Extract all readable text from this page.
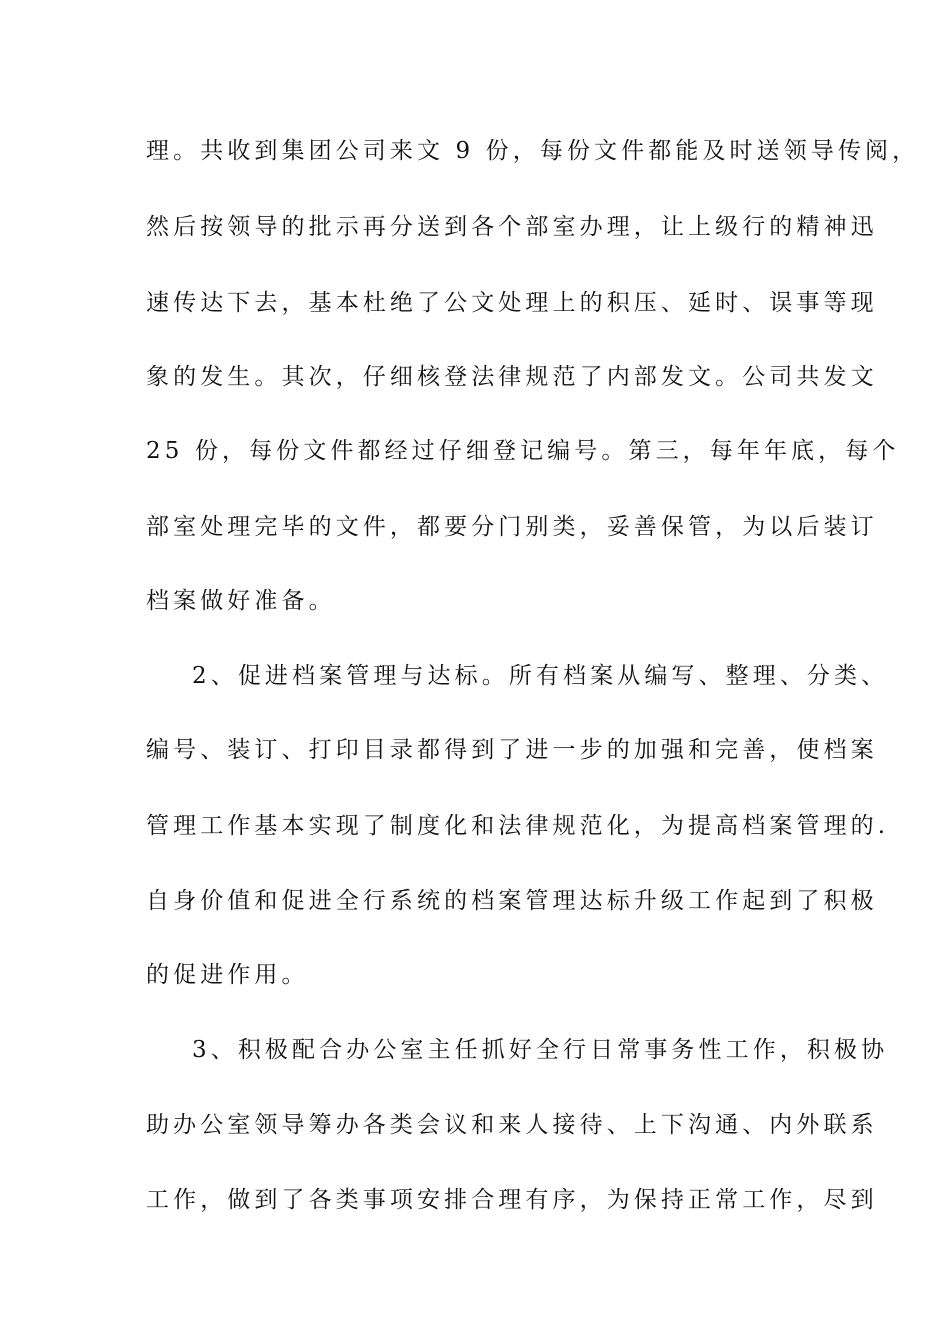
理。共收到集团公司来文 9 份，每份文件都能及时送领导传阅，
然后按领导的批示再分送到各个部室办理，让上级行的精神迅
速传达下去，基本杜绝了公文处理上的积压、延时、误事等现
象的发生。其次，仔细核登法律规范了内部发文。公司共发文
25 份，每份文件都经过仔细登记编号。第三，每年年底，每个
部室处理完毕的文件，都要分门别类，妥善保管，为以后装订
档案做好准备。
2、促进档案管理与达标。所有档案从编写、整理、分类、
编号、装订、打印目录都得到了进一步的加强和完善，使档案
管理工作基本实现了制度化和法律规范化，为提高档案管理的.
自身价值和促进全行系统的档案管理达标升级工作起到了积极
的促进作用。
3、积极配合办公室主任抓好全行日常事务性工作，积极协
助办公室领导筹办各类会议和来人接待、上下沟通、内外联系
工作，做到了各类事项安排合理有序，为保持正常工作，尽到
